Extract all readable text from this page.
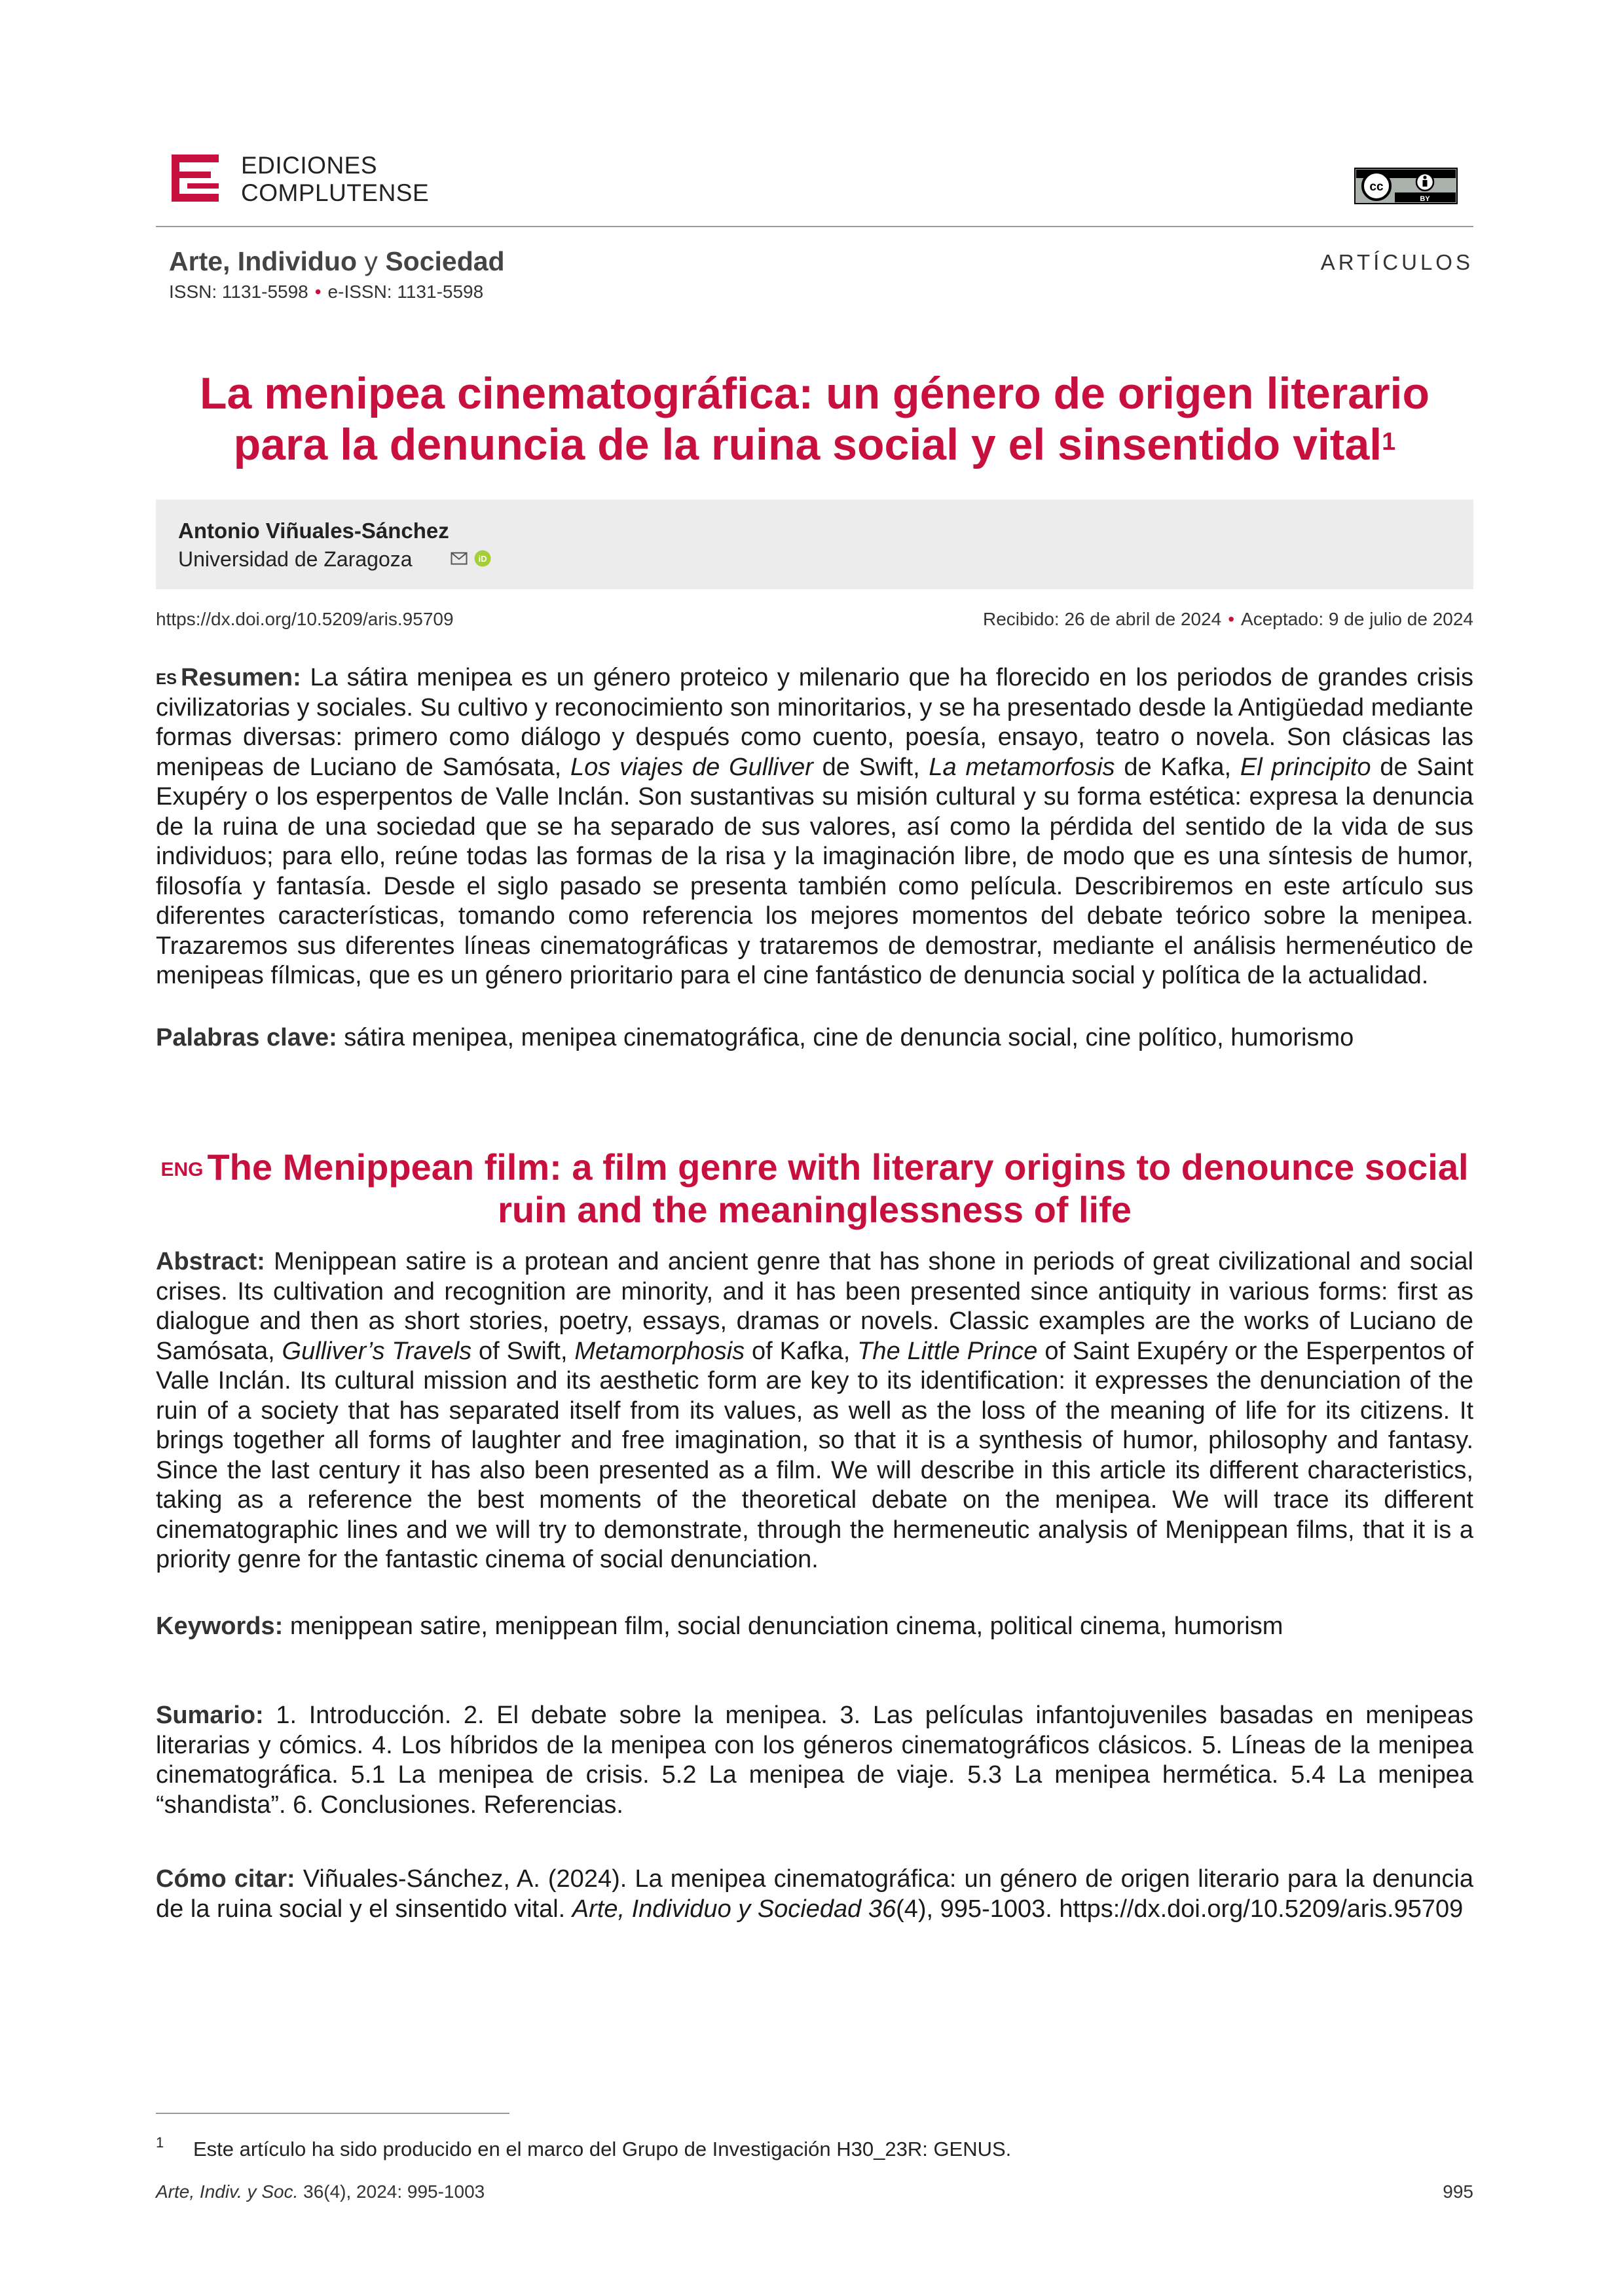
EDICIONES
COMPLUTENSE	cc
BY
Arte, Individuo y Sociedad
ISSN: 1131-5598 • e-ISSN: 1131-5598
ARTÍCULOS
La menipea cinematográfica: un género de origen literario para la denuncia de la ruina social y el sinsentido vital$^1$
Antonio Viñuales-Sánchez
Universidad de Zaragoza	iD
https://dx.doi.org/10.5209/aris.95709	Recibido: 26 de abril de 2024 • Aceptado: 9 de julio de 2024
$^{ES}$ Resumen: La sátira menipea es un género proteico y milenario que ha florecido en los periodos de grandes crisis civilizatorias y sociales. Su cultivo y reconocimiento son minoritarios, y se ha presentado desde la Antigüedad mediante formas diversas: primero como diálogo y después como cuento, poesía, ensayo, teatro o novela. Son clásicas las menipeas de Luciano de Samósata, Los viajes de Gulliver de Swift, La metamorfosis de Kafka, El principito de Saint Exupéry o los esperpentos de Valle Inclán. Son sustantivas su misión cultural y su forma estética: expresa la denuncia de la ruina de una sociedad que se ha separado de sus valores, así como la pérdida del sentido de la vida de sus individuos; para ello, reúne todas las formas de la risa y la imaginación libre, de modo que es una síntesis de humor, filosofía y fantasía. Desde el siglo pasado se presenta también como película. Describiremos en este artículo sus diferentes características, tomando como referencia los mejores momentos del debate teórico sobre la menipea. Trazaremos sus diferentes líneas cinematográficas y trataremos de demostrar, mediante el análisis hermenéutico de menipeas fílmicas, que es un género prioritario para el cine fantástico de denuncia social y política de la actualidad.
Palabras clave: sátira menipea, menipea cinematográfica, cine de denuncia social, cine político, humorismo
$^{ENG}$ The Menippean film: a film genre with literary origins to denounce social ruin and the meaninglessness of life
Abstract: Menippean satire is a protean and ancient genre that has shone in periods of great civilizational and social crises. Its cultivation and recognition are minority, and it has been presented since antiquity in various forms: first as dialogue and then as short stories, poetry, essays, dramas or novels. Classic examples are the works of Luciano de Samósata, Gulliver’s Travels of Swift, Metamorphosis of Kafka, The Little Prince of Saint Exupéry or the Esperpentos of Valle Inclán. Its cultural mission and its aesthetic form are key to its identification: it expresses the denunciation of the ruin of a society that has separated itself from its values, as well as the loss of the meaning of life for its citizens. It brings together all forms of laughter and free imagination, so that it is a synthesis of humor, philosophy and fantasy. Since the last century it has also been presented as a film. We will describe in this article its different characteristics, taking as a reference the best moments of the theoretical debate on the menipea. We will trace its different cinematographic lines and we will try to demonstrate, through the hermeneutic analysis of Menippean films, that it is a priority genre for the fantastic cinema of social denunciation.
Keywords: menippean satire, menippean film, social denunciation cinema, political cinema, humorism
Sumario: 1. Introducción. 2. El debate sobre la menipea. 3. Las películas infantojuveniles basadas en menipeas literarias y cómics. 4. Los híbridos de la menipea con los géneros cinematográficos clásicos. 5. Líneas de la menipea cinematográfica. 5.1 La menipea de crisis. 5.2 La menipea de viaje. 5.3 La menipea hermética. 5.4 La menipea “shandista”. 6. Conclusiones. Referencias.
Cómo citar: Viñuales-Sánchez, A. (2024). La menipea cinematográfica: un género de origen literario para la denuncia de la ruina social y el sinsentido vital. Arte, Individuo y Sociedad 36(4), 995-1003. https://dx.doi.org/10.5209/aris.95709
1 Este artículo ha sido producido en el marco del Grupo de Investigación H30_23R: GENUS.
Arte, Indiv. y Soc. 36(4), 2024: 995-1003	995
